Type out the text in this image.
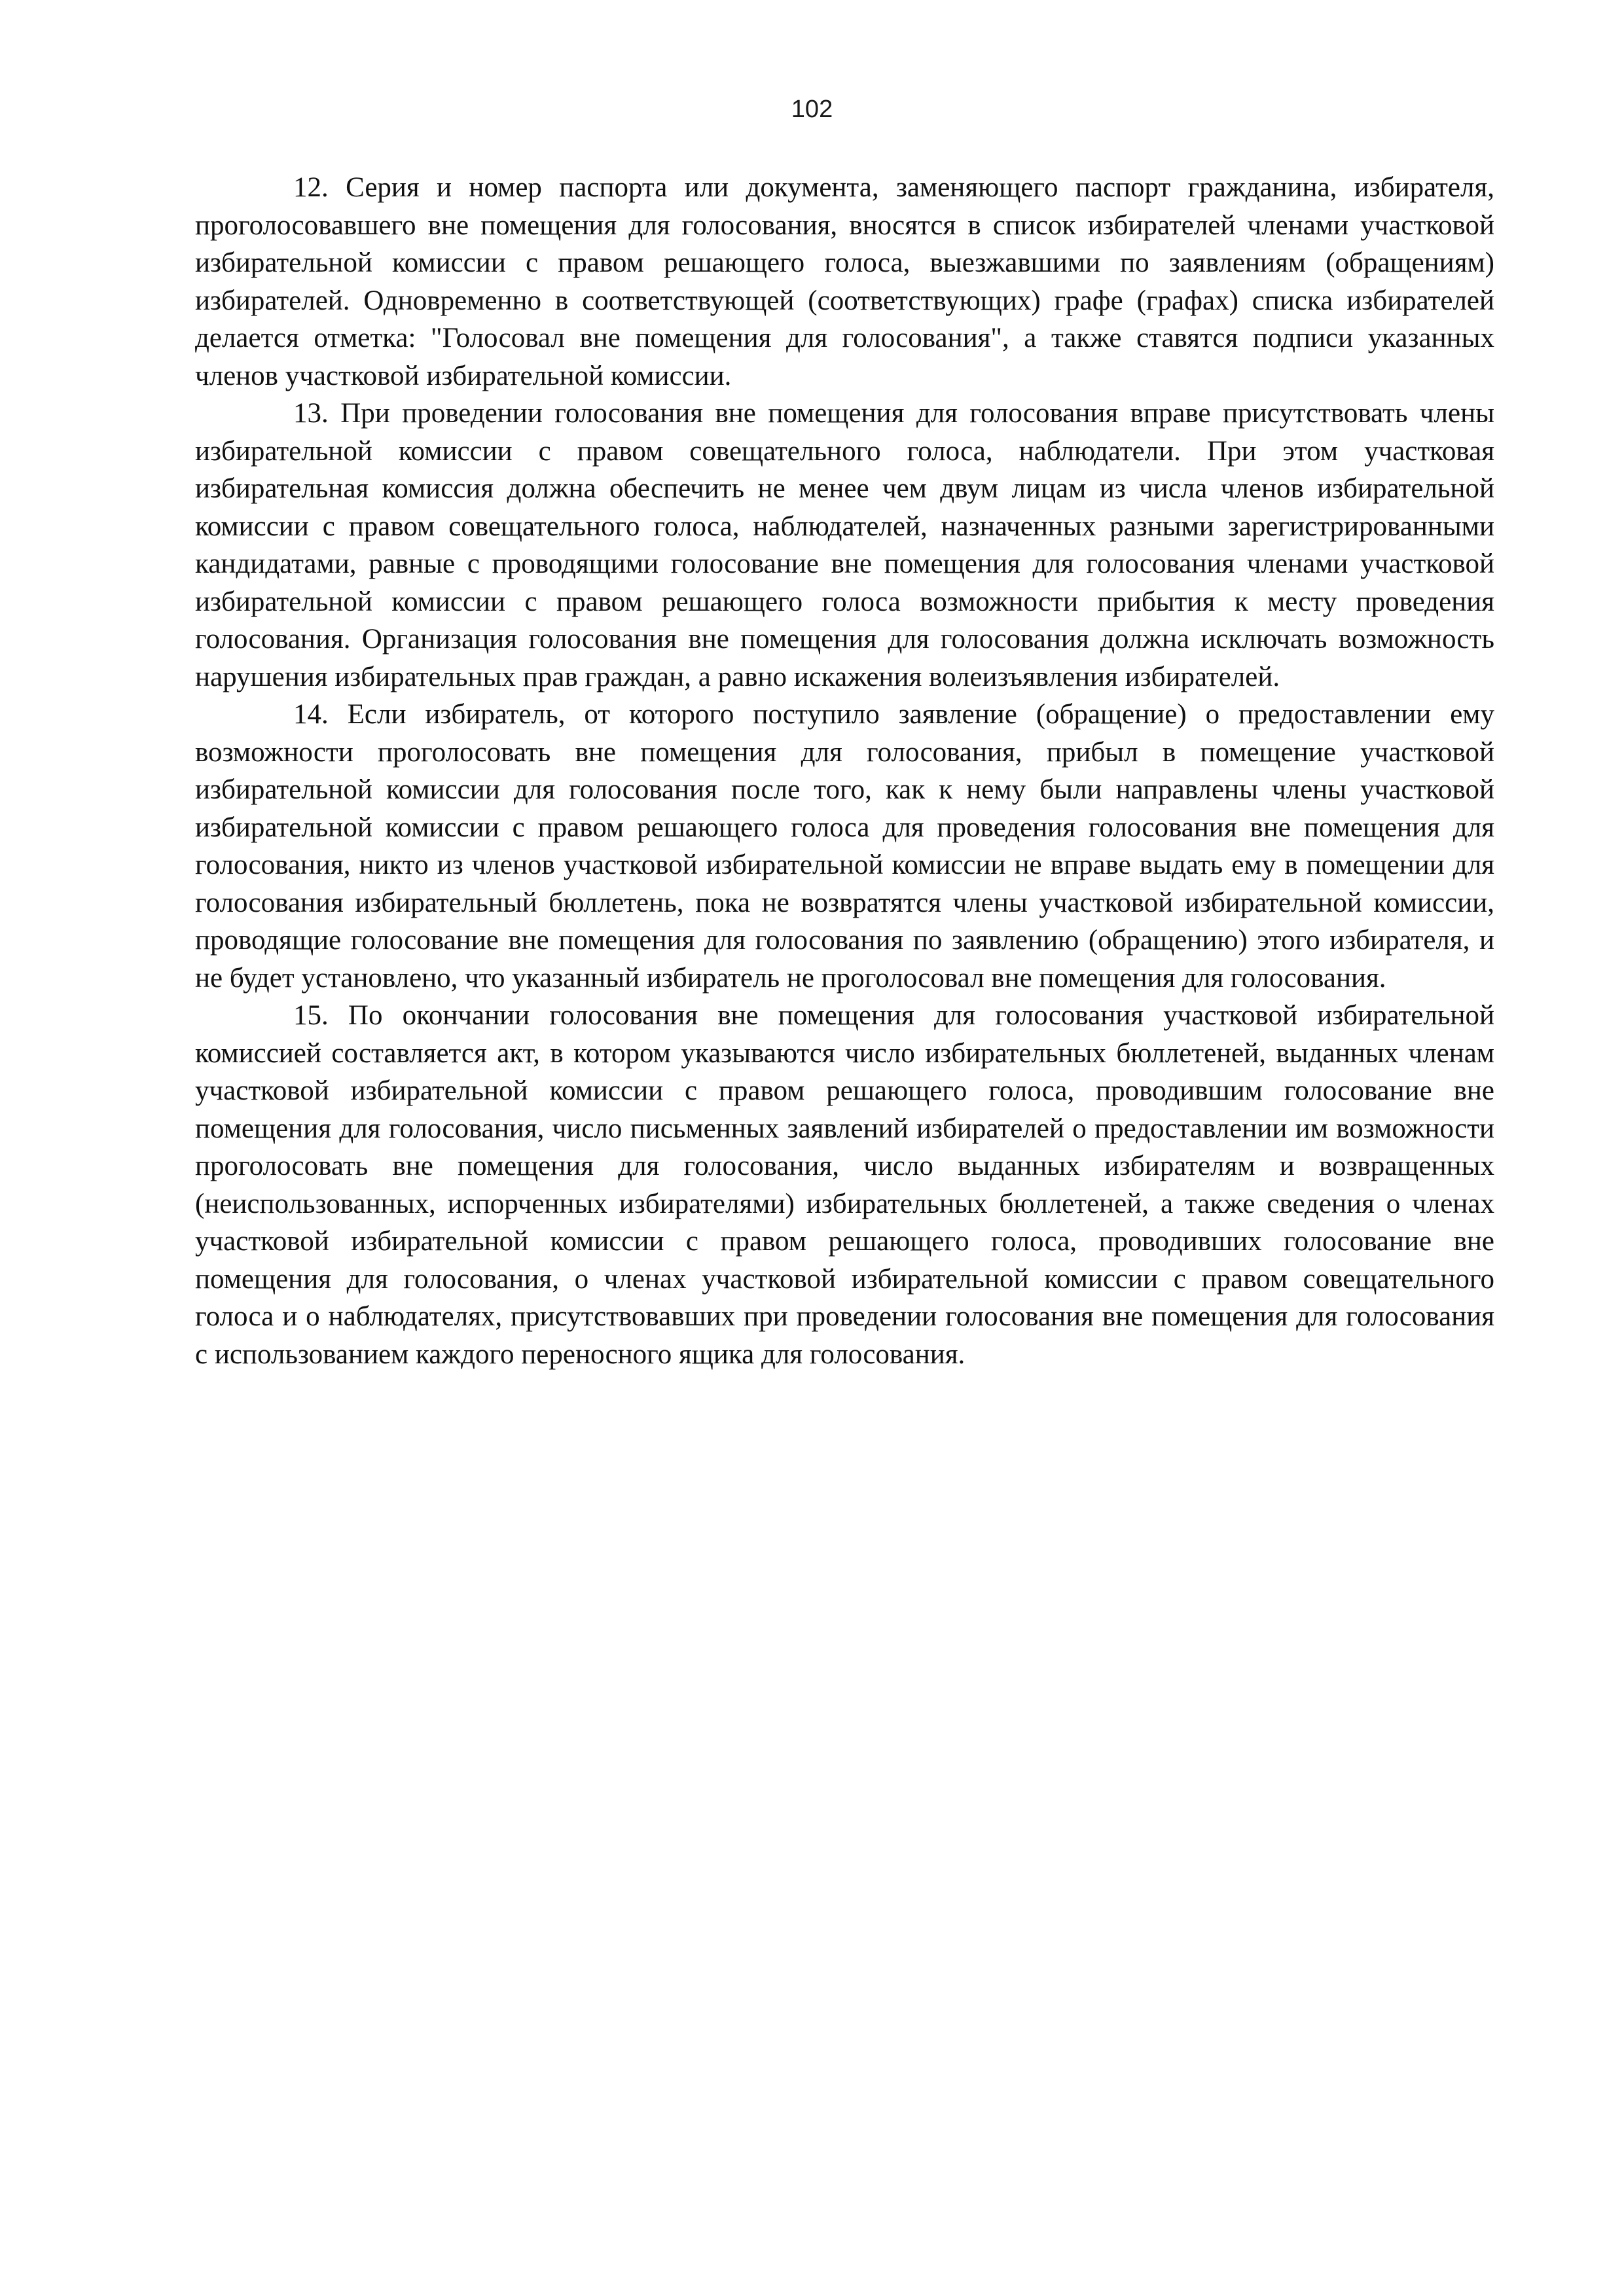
102

12. Серия и номер паспорта или документа, заменяющего паспорт гражданина, избирателя, проголосовавшего вне помещения для голосования, вносятся в список избирателей членами участковой избирательной комиссии с правом решающего голоса, выезжавшими по заявлениям (обращениям) избирателей. Одновременно в соответствующей (соответствующих) графе (графах) списка избирателей делается отметка: "Голосовал вне помещения для голосования", а также ставятся подписи указанных членов участковой избирательной комиссии.

13. При проведении голосования вне помещения для голосования вправе присутствовать члены избирательной комиссии с правом совещательного голоса, наблюдатели. При этом участковая избирательная комиссия должна обеспечить не менее чем двум лицам из числа членов избирательной комиссии с правом совещательного голоса, наблюдателей, назначенных разными зарегистрированными кандидатами, равные с проводящими голосование вне помещения для голосования членами участковой избирательной комиссии с правом решающего голоса возможности прибытия к месту проведения голосования. Организация голосования вне помещения для голосования должна исключать возможность нарушения избирательных прав граждан, а равно искажения волеизъявления избирателей.

14. Если избиратель, от которого поступило заявление (обращение) о предоставлении ему возможности проголосовать вне помещения для голосования, прибыл в помещение участковой избирательной комиссии для голосования после того, как к нему были направлены члены участковой избирательной комиссии с правом решающего голоса для проведения голосования вне помещения для голосования, никто из членов участковой избирательной комиссии не вправе выдать ему в помещении для голосования избирательный бюллетень, пока не возвратятся члены участковой избирательной комиссии, проводящие голосование вне помещения для голосования по заявлению (обращению) этого избирателя, и не будет установлено, что указанный избиратель не проголосовал вне помещения для голосования.

15. По окончании голосования вне помещения для голосования участковой избирательной комиссией составляется акт, в котором указываются число избирательных бюллетеней, выданных членам участковой избирательной комиссии с правом решающего голоса, проводившим голосование вне помещения для голосования, число письменных заявлений избирателей о предоставлении им возможности проголосовать вне помещения для голосования, число выданных избирателям и возвращенных (неиспользованных, испорченных избирателями) избирательных бюллетеней, а также сведения о членах участковой избирательной комиссии с правом решающего голоса, проводивших голосование вне помещения для голосования, о членах участковой избирательной комиссии с правом совещательного голоса и о наблюдателях, присутствовавших при проведении голосования вне помещения для голосования с использованием каждого переносного ящика для голосования.
